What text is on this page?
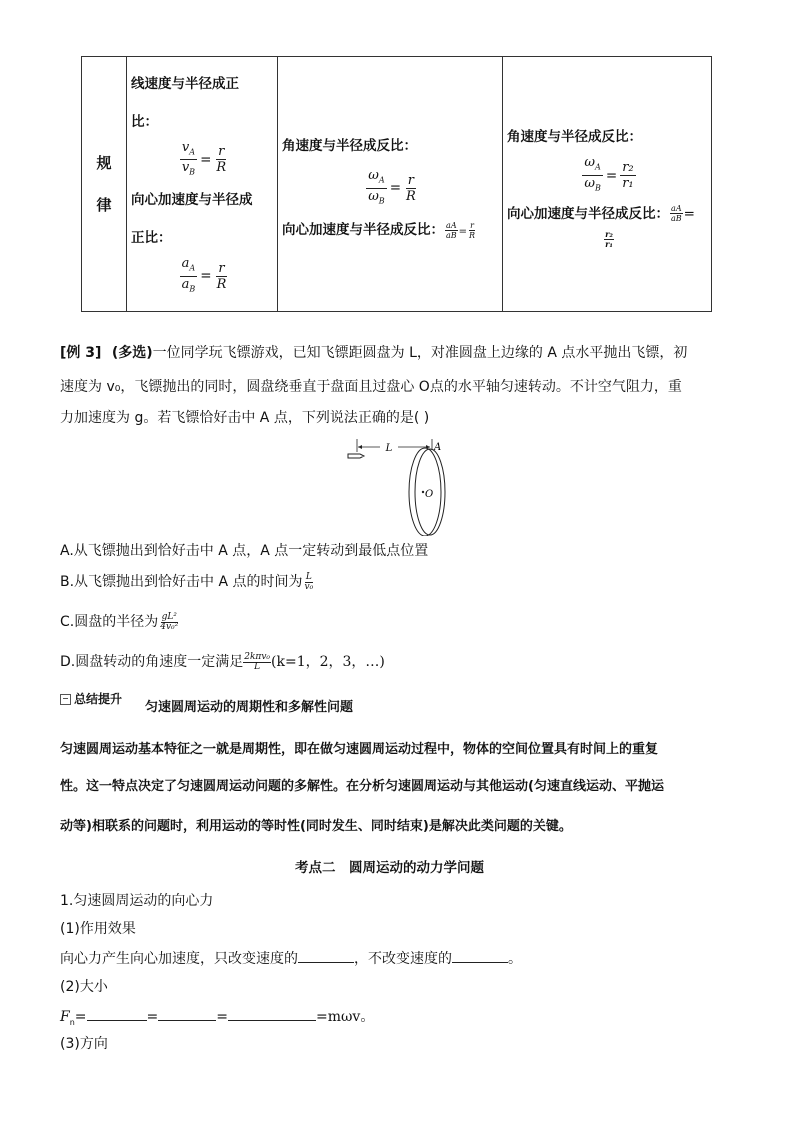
规
律

线速度与半径成正
比：
$\frac{v_A}{v_B} = \frac{r}{R}$
向心加速度与半径成
正比：
$\frac{a_A}{a_B} = \frac{r}{R}$

角速度与半径成反比：
$\frac{\omega_A}{\omega_B} = \frac{r}{R}$
向心加速度与半径成反比： $\frac{aA}{aB} = \frac{r}{R}$

角速度与半径成反比：
$\frac{\omega_A}{\omega_B} = \frac{\text{r₂}}{\text{r₁}}$
向心加速度与半径成反比： $\frac{aA}{aB}$ =
$\frac{\text{r₂}}{\text{r₁}}$
[例 3] (多选)一位同学玩飞镖游戏，已知飞镖距圆盘为 L，对准圆盘上边缘的 A 点水平抛出飞镖，初
速度为 v₀，飞镖抛出的同时，圆盘绕垂直于盘面且过盘心 O点的水平轴匀速转动。不计空气阻力，重
力加速度为 g。若飞镖恰好击中 A 点，下列说法正确的是( )
L	A
O
A.从飞镖抛出到恰好击中 A 点，A 点一定转动到最低点位置
B.从飞镖抛出到恰好击中 A 点的时间为 $\frac{L}{\text{v₀}}$
C.圆盘的半径为 $\frac{\text{gL²}}{\text{4v₀²}}$
D.圆盘转动的角速度一定满足 $\frac{\text{2kπv₀}}{L} (k=1$，2，3，…)
总结提升
匀速圆周运动的周期性和多解性问题
性。这一特点决定了匀速圆周运动问题的多解性。在分析匀速圆周运动与其他运动(匀速直线运动、平抛运
匀速圆周运动基本特征之一就是周期性，即在做匀速圆周运动过程中，物体的空间位置具有时间上的重复
动等)相联系的问题时，利用运动的等时性(同时发生、同时结束)是解决此类问题的关键。
考点二　圆周运动的动力学问题
1.匀速圆周运动的向心力
(1)作用效果
向心力产生向心加速度，只改变速度的	，不改变速度的	。
(2)大小
$F_n=$	=	=	=mωv。
(3)方向
